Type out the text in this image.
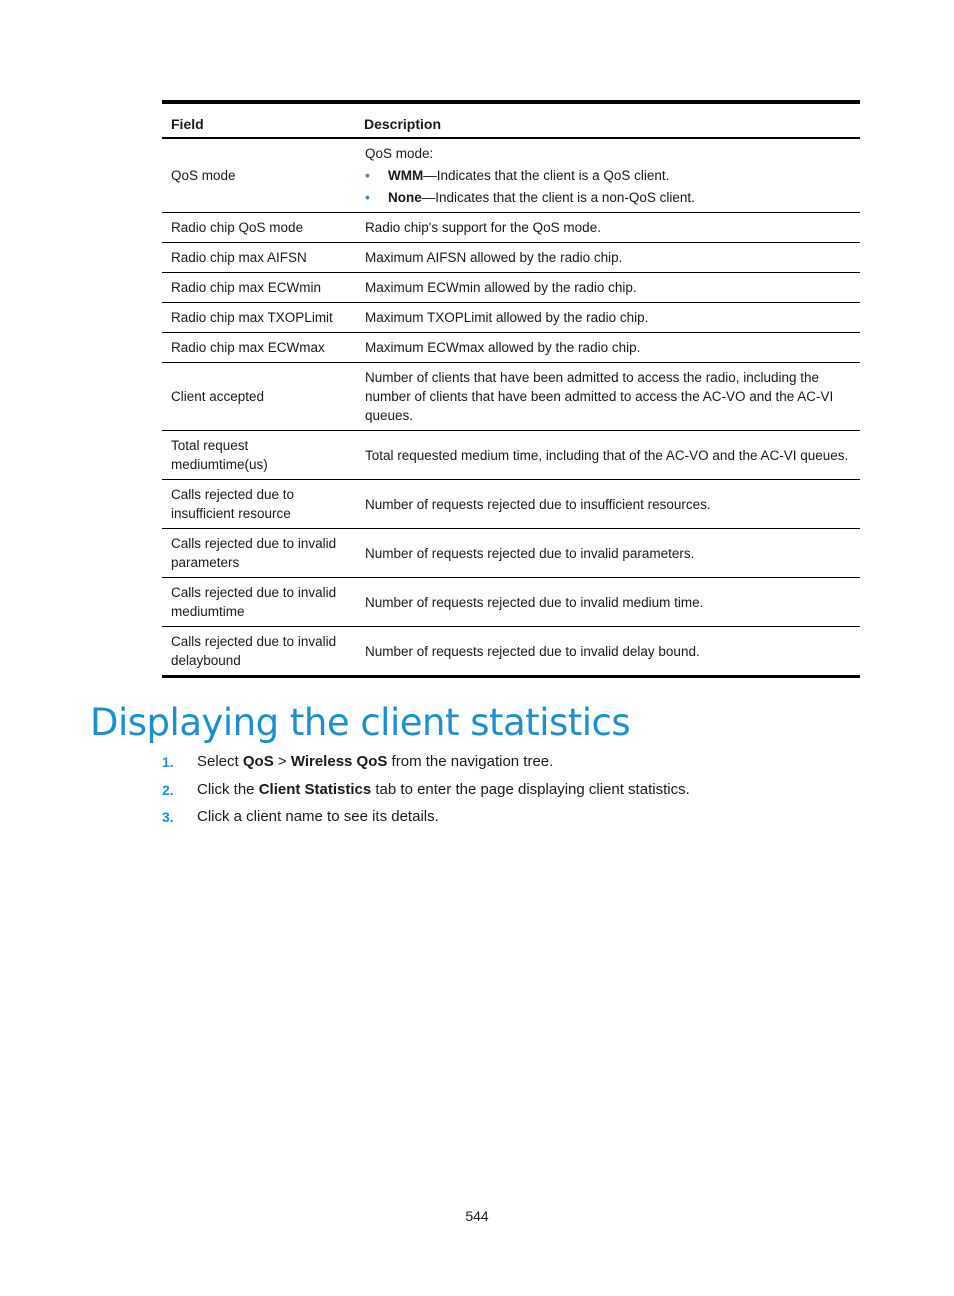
Field	Description
QoS mode	QoS mode:
• WMM—Indicates that the client is a QoS client.
• None—Indicates that the client is a non-QoS client.

Radio chip QoS mode	Radio chip's support for the QoS mode.

Radio chip max AIFSN	Maximum AIFSN allowed by the radio chip.

Radio chip max ECWmin	Maximum ECWmin allowed by the radio chip.

Radio chip max TXOPLimit	Maximum TXOPLimit allowed by the radio chip.

Radio chip max ECWmax	Maximum ECWmax allowed by the radio chip.

Client accepted	Number of clients that have been admitted to access the radio, including the number of clients that have been admitted to access the AC-VO and the AC-VI queues.

Total request mediumtime(us)	Total requested medium time, including that of the AC-VO and the AC-VI queues.

Calls rejected due to insufficient resource	Number of requests rejected due to insufficient resources.

Calls rejected due to invalid parameters	Number of requests rejected due to invalid parameters.

Calls rejected due to invalid mediumtime	Number of requests rejected due to invalid medium time.

Calls rejected due to invalid delaybound	Number of requests rejected due to invalid delay bound.
Displaying the client statistics
1.	Select QoS > Wireless QoS from the navigation tree.
2.	Click the Client Statistics tab to enter the page displaying client statistics.
3.	Click a client name to see its details.
544
